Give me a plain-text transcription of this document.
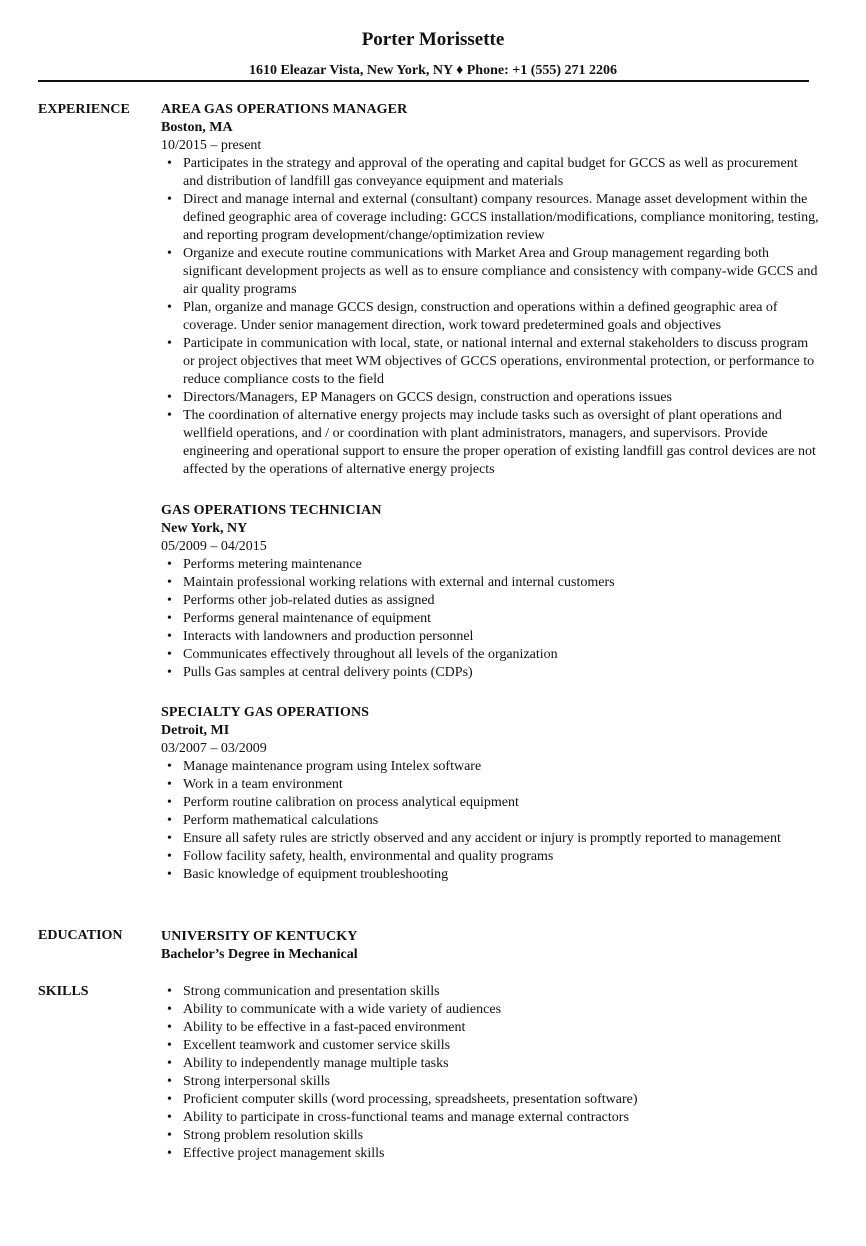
Porter Morissette
1610 Eleazar Vista, New York, NY ♦ Phone: +1 (555) 271 2206
EXPERIENCE AREA GAS OPERATIONS MANAGER
Boston, MA
10/2015 – present
• Participates in the strategy and approval of the operating and capital budget for GCCS as well as procurement and distribution of landfill gas conveyance equipment and materials
• Direct and manage internal and external (consultant) company resources. Manage asset development within the defined geographic area of coverage including: GCCS installation/modifications, compliance monitoring, testing, and reporting program development/change/optimization review
• Organize and execute routine communications with Market Area and Group management regarding both significant development projects as well as to ensure compliance and consistency with company-wide GCCS and air quality programs
• Plan, organize and manage GCCS design, construction and operations within a defined geographic area of coverage. Under senior management direction, work toward predetermined goals and objectives
• Participate in communication with local, state, or national internal and external stakeholders to discuss program or project objectives that meet WM objectives of GCCS operations, environmental protection, or performance to reduce compliance costs to the field
• Directors/Managers, EP Managers on GCCS design, construction and operations issues
• The coordination of alternative energy projects may include tasks such as oversight of plant operations and wellfield operations, and / or coordination with plant administrators, managers, and supervisors. Provide engineering and operational support to ensure the proper operation of existing landfill gas control devices are not affected by the operations of alternative energy projects
GAS OPERATIONS TECHNICIAN
New York, NY
05/2009 – 04/2015
• Performs metering maintenance
• Maintain professional working relations with external and internal customers
• Performs other job-related duties as assigned
• Performs general maintenance of equipment
• Interacts with landowners and production personnel
• Communicates effectively throughout all levels of the organization
• Pulls Gas samples at central delivery points (CDPs)
SPECIALTY GAS OPERATIONS
Detroit, MI
03/2007 – 03/2009
• Manage maintenance program using Intelex software
• Work in a team environment
• Perform routine calibration on process analytical equipment
• Perform mathematical calculations
• Ensure all safety rules are strictly observed and any accident or injury is promptly reported to management
• Follow facility safety, health, environmental and quality programs
• Basic knowledge of equipment troubleshooting
EDUCATION	UNIVERSITY OF KENTUCKY
Bachelor’s Degree in Mechanical
SKILLS
•	Strong communication and presentation skills
• Ability to communicate with a wide variety of audiences
• Ability to be effective in a fast-paced environment
• Excellent teamwork and customer service skills
• Ability to independently manage multiple tasks
• Strong interpersonal skills
• Proficient computer skills (word processing, spreadsheets, presentation software)
• Ability to participate in cross-functional teams and manage external contractors
• Strong problem resolution skills
• Effective project management skills
